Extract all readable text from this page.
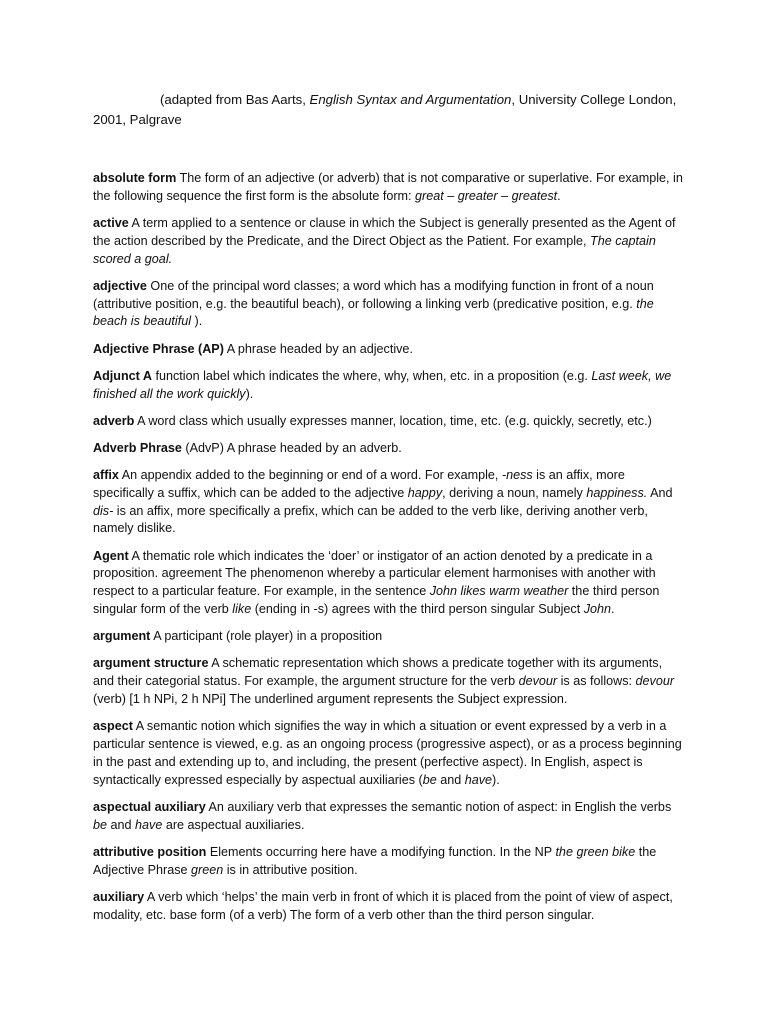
(adapted from Bas Aarts, English Syntax and Argumentation, University College London, 2001, Palgrave

absolute form The form of an adjective (or adverb) that is not comparative or superlative. For example, in the following sequence the first form is the absolute form: great – greater – greatest.

active A term applied to a sentence or clause in which the Subject is generally presented as the Agent of the action described by the Predicate, and the Direct Object as the Patient. For example, The captain scored a goal.

adjective One of the principal word classes; a word which has a modifying function in front of a noun (attributive position, e.g. the beautiful beach), or following a linking verb (predicative position, e.g. the beach is beautiful ).

Adjective Phrase (AP) A phrase headed by an adjective.

Adjunct A function label which indicates the where, why, when, etc. in a proposition (e.g. Last week, we finished all the work quickly).

adverb A word class which usually expresses manner, location, time, etc. (e.g. quickly, secretly, etc.)

Adverb Phrase (AdvP) A phrase headed by an adverb.

affix An appendix added to the beginning or end of a word. For example, -ness is an affix, more specifically a suffix, which can be added to the adjective happy, deriving a noun, namely happiness. And dis- is an affix, more specifically a prefix, which can be added to the verb like, deriving another verb, namely dislike.

Agent A thematic role which indicates the ‘doer’ or instigator of an action denoted by a predicate in a proposition. agreement The phenomenon whereby a particular element harmonises with another with respect to a particular feature. For example, in the sentence John likes warm weather the third person singular form of the verb like (ending in -s) agrees with the third person singular Subject John.

argument A participant (role player) in a proposition

argument structure A schematic representation which shows a predicate together with its arguments, and their categorial status. For example, the argument structure for the verb devour is as follows: devour (verb) [1 h NPi, 2 h NPi] The underlined argument represents the Subject expression.

aspect A semantic notion which signifies the way in which a situation or event expressed by a verb in a particular sentence is viewed, e.g. as an ongoing process (progressive aspect), or as a process beginning in the past and extending up to, and including, the present (perfective aspect). In English, aspect is syntactically expressed especially by aspectual auxiliaries (be and have).

aspectual auxiliary An auxiliary verb that expresses the semantic notion of aspect: in English the verbs be and have are aspectual auxiliaries.

attributive position Elements occurring here have a modifying function. In the NP the green bike the Adjective Phrase green is in attributive position.

auxiliary A verb which ‘helps’ the main verb in front of which it is placed from the point of view of aspect, modality, etc. base form (of a verb) The form of a verb other than the third person singular.
